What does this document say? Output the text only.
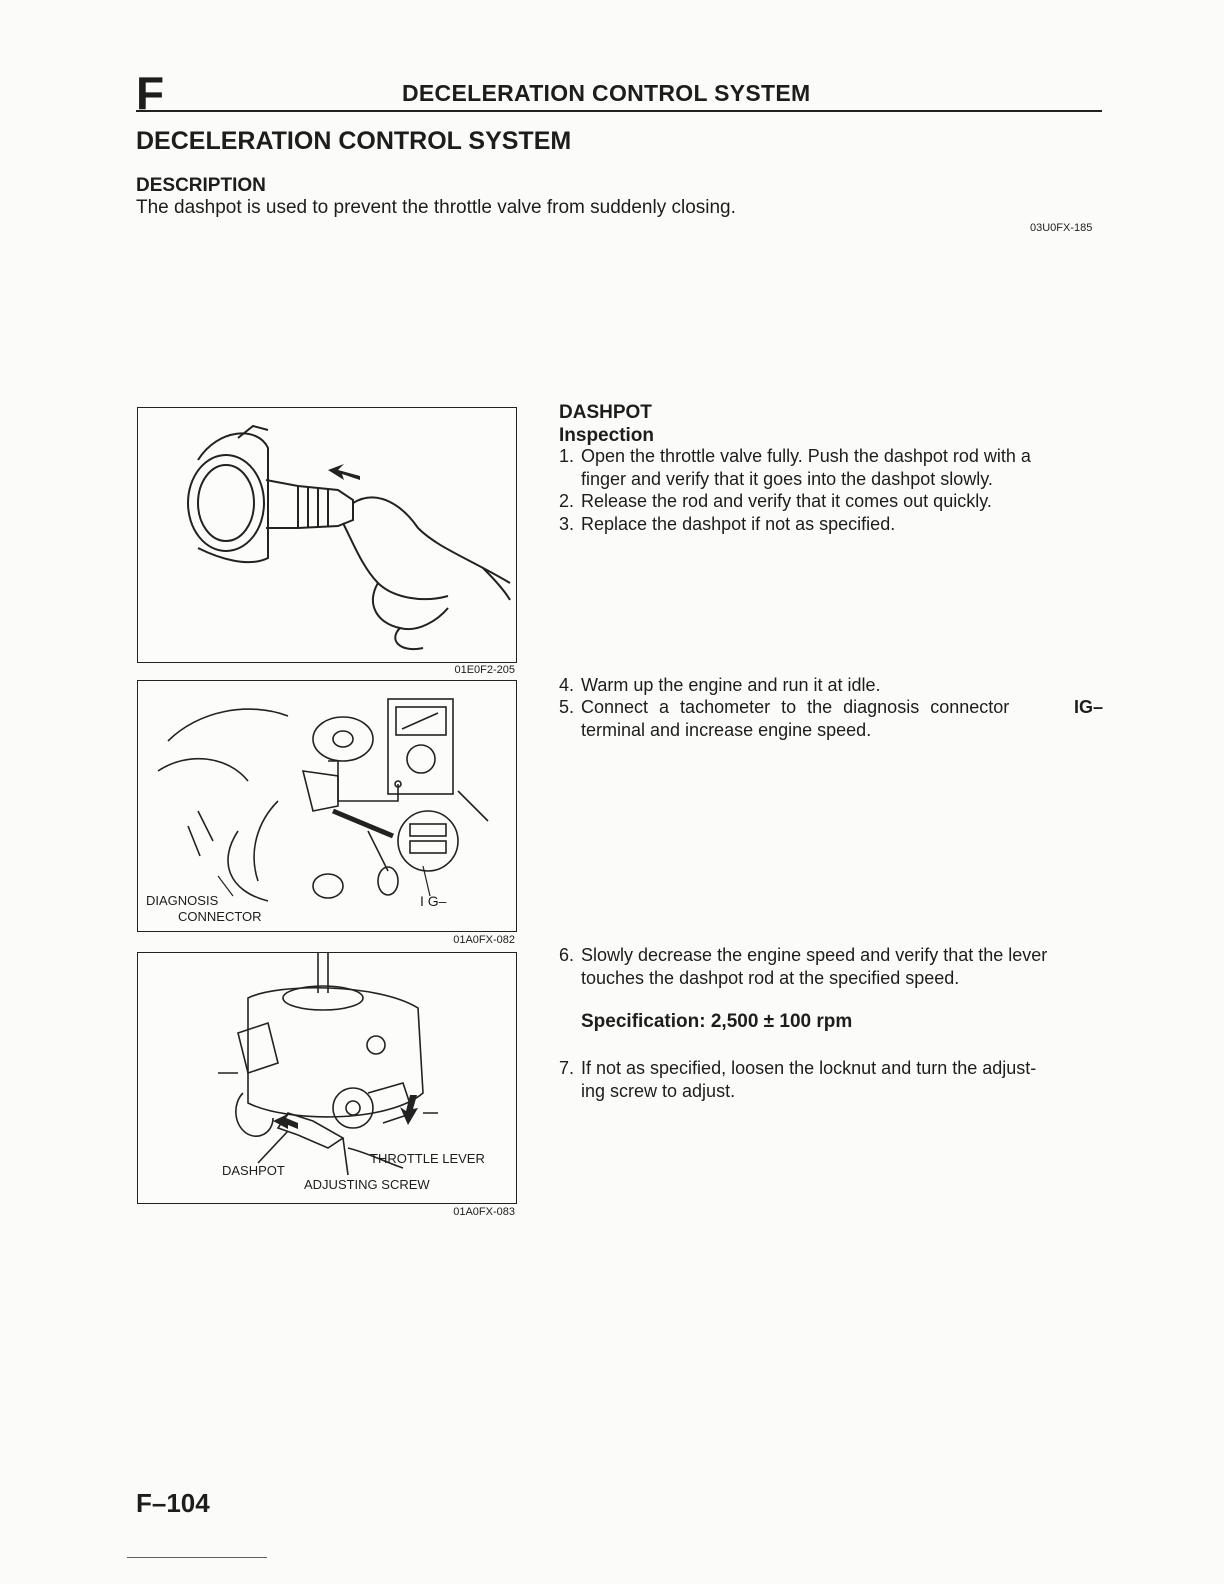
F	DECELERATION CONTROL SYSTEM
DECELERATION CONTROL SYSTEM
DESCRIPTION
The dashpot is used to prevent the throttle valve from suddenly closing.
03U0FX-185
01E0F2-205
DIAGNOSIS
CONNECTOR
I G–
01A0FX-082
THROTTLE LEVER
DASHPOT
ADJUSTING SCREW
01A0FX-083
DASHPOT
Inspection
1. Open the throttle valve fully. Push the dashpot rod with a
finger and verify that it goes into the dashpot slowly.
2. Release the rod and verify that it comes out quickly.
3. Replace the dashpot if not as specified.
4. Warm up the engine and run it at idle.
5. Connect a tachometer to the diagnosis connector	IG–
terminal and increase engine speed.
6. Slowly decrease the engine speed and verify that the lever
touches the dashpot rod at the specified speed.
Specification: 2,500 ± 100 rpm
7. If not as specified, loosen the locknut and turn the adjust-
ing screw to adjust.
F–104
